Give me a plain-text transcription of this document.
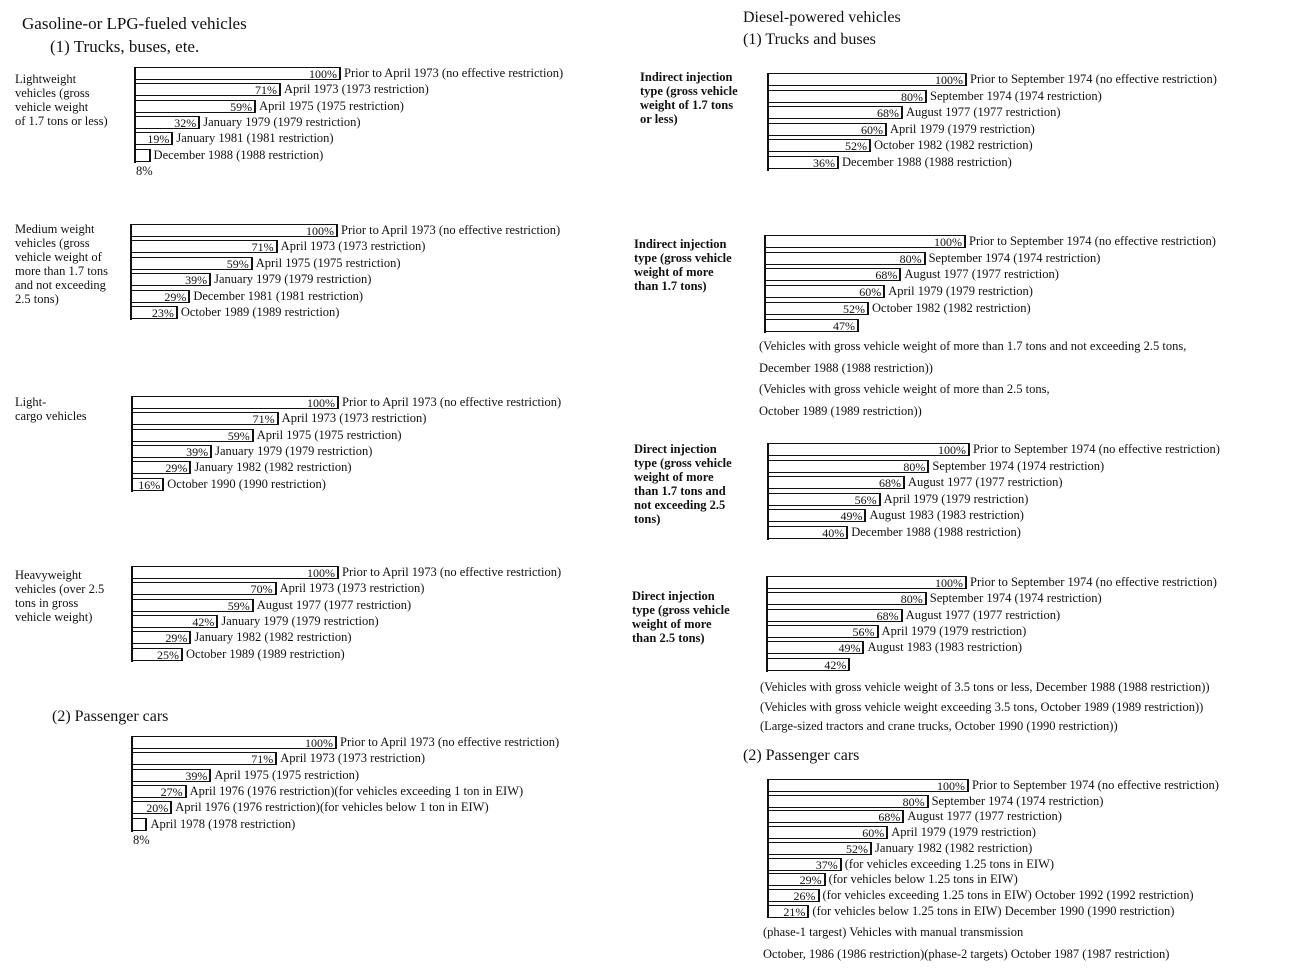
Gasoline-or LPG-fueled vehicles
(1) Trucks, buses, ete.
(2) Passenger cars
Diesel-powered vehicles
(1) Trucks and buses
(2) Passenger cars
Lightweight
vehicles (gross
vehicle weight
of 1.7 tons or less)
100% Prior to April 1973 (no effective restriction)
71% April 1973 (1973 restriction)
59% April 1975 (1975 restriction)
32% January 1979 (1979 restriction)
19% January 1981 (1981 restriction)
8%
December 1988 (1988 restriction)
Medium weight
vehicles (gross
vehicle weight of
more than 1.7 tons
and not exceeding
2.5 tons)
100% Prior to April 1973 (no effective restriction)
71% April 1973 (1973 restriction)
59% April 1975 (1975 restriction)
39% January 1979 (1979 restriction)
29% December 1981 (1981 restriction)
23% October 1989 (1989 restriction)
Light-
cargo vehicles
100% Prior to April 1973 (no effective restriction)
71% April 1973 (1973 restriction)
59% April 1975 (1975 restriction)
39% January 1979 (1979 restriction)
29% January 1982 (1982 restriction)
16% October 1990 (1990 restriction)
Heavyweight
vehicles (over 2.5
tons in gross
vehicle weight)
100% Prior to April 1973 (no effective restriction)
70% April 1973 (1973 restriction)
59% August 1977 (1977 restriction)
42% January 1979 (1979 restriction)
29% January 1982 (1982 restriction)
25% October 1989 (1989 restriction)
100% Prior to April 1973 (no effective restriction)
71% April 1973 (1973 restriction)
39% April 1975 (1975 restriction)
27% April 1976 (1976 restriction)(for vehicles exceeding 1 ton in EIW)
20% April 1976 (1976 restriction)(for vehicles below 1 ton in EIW)
8%
April 1978 (1978 restriction)
Indirect injection
type (gross vehicle
weight of 1.7 tons
or less)
100% Prior to September 1974 (no effective restriction)
80% September 1974 (1974 restriction)
68% August 1977 (1977 restriction)
60% April 1979 (1979 restriction)
52% October 1982 (1982 restriction)
36% December 1988 (1988 restriction)
Indirect injection
type (gross vehicle
weight of more
than 1.7 tons)
100% Prior to September 1974 (no effective restriction)
80% September 1974 (1974 restriction)
68% August 1977 (1977 restriction)
60% April 1979 (1979 restriction)
52% October 1982 (1982 restriction)
47%
(Vehicles with gross vehicle weight of more than 1.7 tons and not exceeding 2.5 tons,
December 1988 (1988 restriction))
(Vehicles with gross vehicle weight of more than 2.5 tons,
October 1989 (1989 restriction))
Direct injection
type (gross vehicle
weight of more
than 1.7 tons and
not exceeding 2.5
tons)
100% Prior to September 1974 (no effective restriction)
80% September 1974 (1974 restriction)
68% August 1977 (1977 restriction)
56% April 1979 (1979 restriction)
49% August 1983 (1983 restriction)
40% December 1988 (1988 restriction)
Direct injection
type (gross vehicle
weight of more
than 2.5 tons)
100% Prior to September 1974 (no effective restriction)
80% September 1974 (1974 restriction)
68% August 1977 (1977 restriction)
56% April 1979 (1979 restriction)
49% August 1983 (1983 restriction)
42%
(Vehicles with gross vehicle weight of 3.5 tons or less, December 1988 (1988 restriction))
(Vehicles with gross vehicle weight exceeding 3.5 tons, October 1989 (1989 restriction))
(Large-sized tractors and crane trucks, October 1990 (1990 restriction))
100% Prior to September 1974 (no effective restriction)
80% September 1974 (1974 restriction)
68% August 1977 (1977 restriction)
60% April 1979 (1979 restriction)
52% January 1982 (1982 restriction)
37% (for vehicles exceeding 1.25 tons in EIW)
29% (for vehicles below 1.25 tons in EIW)
26% (for vehicles exceeding 1.25 tons in EIW) October 1992 (1992 restriction)
21% (for vehicles below 1.25 tons in EIW) December 1990 (1990 restriction)
(phase-1 targest) Vehicles with manual transmission
October, 1986 (1986 restriction)(phase-2 targets) October 1987 (1987 restriction)
